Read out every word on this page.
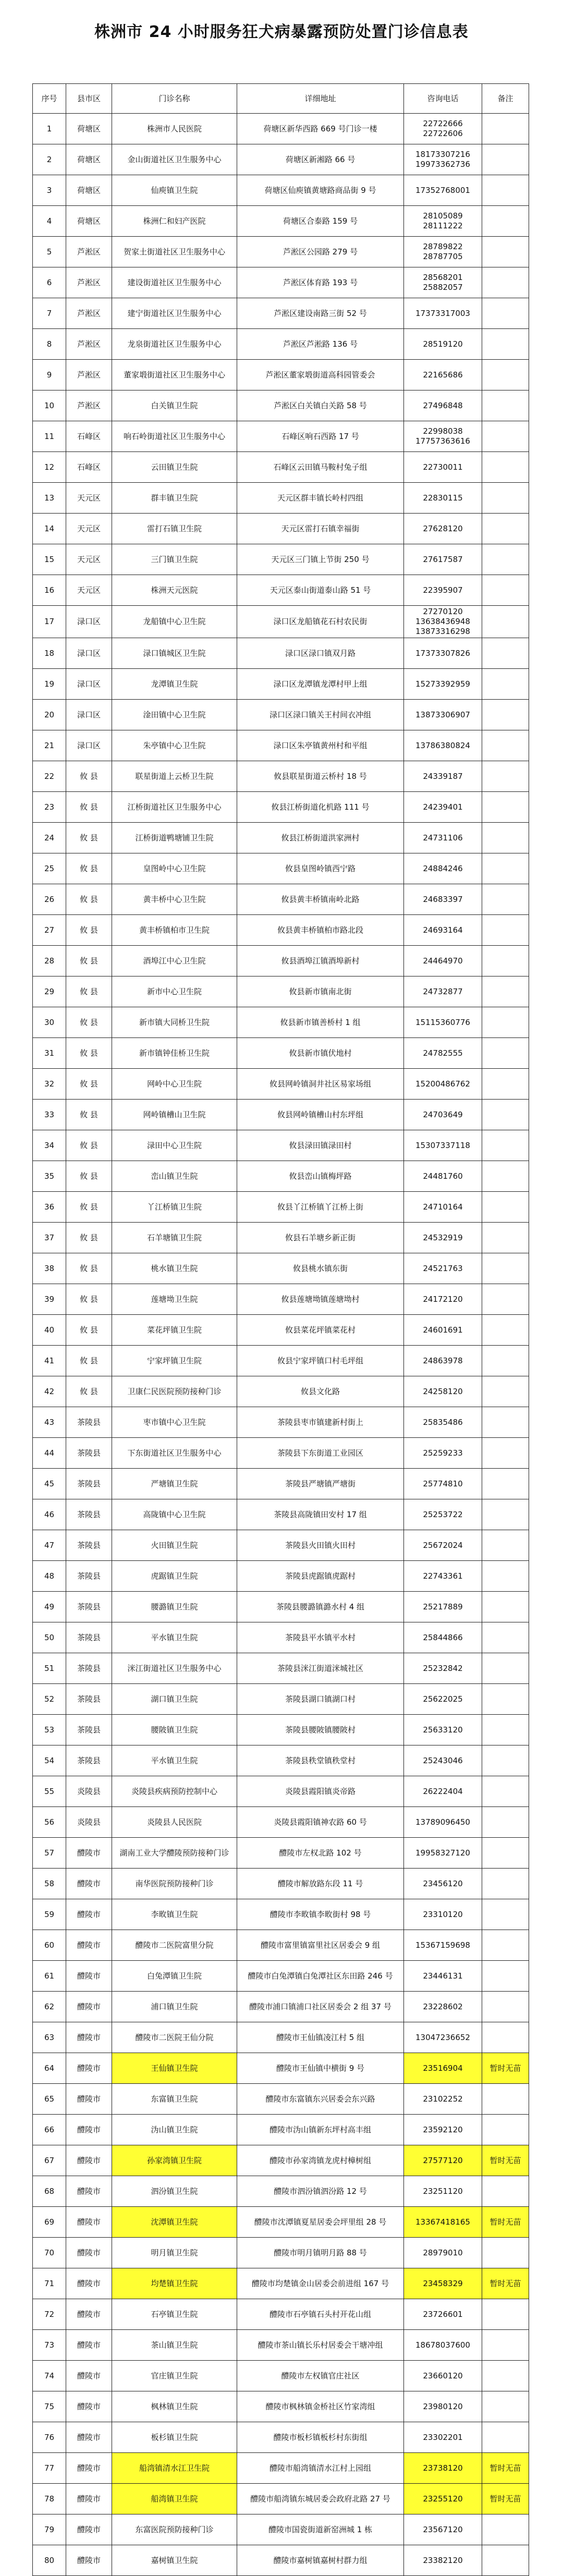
株洲市 24 小时服务狂犬病暴露预防处置门诊信息表
序号	县市区	门诊名称	详细地址	咨询电话	备注
1	荷塘区	株洲市人民医院	荷塘区新华西路 669 号门诊一楼	22722666
22722606	
2	荷塘区	金山街道社区卫生服务中心	荷塘区新湘路 66 号	18173307216
19973362736	
3	荷塘区	仙庾镇卫生院	荷塘区仙庾镇黄塘路商品街 9 号	17352768001	
4	荷塘区	株洲仁和妇产医院	荷塘区合泰路 159 号	28105089
28111222	
5	芦淞区	贺家土街道社区卫生服务中心	芦淞区公园路 279 号	28789822
28787705	
6	芦淞区	建设街道社区卫生服务中心	芦淞区体育路 193 号	28568201
25882057	
7	芦淞区	建宁街道社区卫生服务中心	芦淞区建设南路三街 52 号	17373317003	
8	芦淞区	龙泉街道社区卫生服务中心	芦淞区芦淞路 136 号	28519120	
9	芦淞区	董家塅街道社区卫生服务中心	芦淞区董家塅街道高科园管委会	22165686	
10	芦淞区	白关镇卫生院	芦淞区白关镇白关路 58 号	27496848	
11	石峰区	响石岭街道社区卫生服务中心	石峰区响石西路 17 号	22998038
17757363616	
12	石峰区	云田镇卫生院	石峰区云田镇马鞍村兔子组	22730011	
13	天元区	群丰镇卫生院	天元区群丰镇长岭村四组	22830115	
14	天元区	雷打石镇卫生院	天元区雷打石镇幸福街	27628120	
15	天元区	三门镇卫生院	天元区三门镇上节街 250 号	27617587	
16	天元区	株洲天元医院	天元区泰山街道泰山路 51 号	22395907	
17	渌口区	龙船镇中心卫生院	渌口区龙船镇花石村农民街	27270120
13638436948
13873316298	
18	渌口区	渌口镇城区卫生院	渌口区渌口镇双月路	17373307826	
19	渌口区	龙潭镇卫生院	渌口区龙潭镇龙潭村甲上组	15273392959	
20	渌口区	淦田镇中心卫生院	渌口区渌口镇关王村间衣冲组	13873306907	
21	渌口区	朱亭镇中心卫生院	渌口区朱亭镇黄州村和平组	13786380824	
22	攸 县	联星街道上云桥卫生院	攸县联星街道云桥村 18 号	24339187	
23	攸 县	江桥街道社区卫生服务中心	攸县江桥街道化机路 111 号	24239401	
24	攸 县	江桥街道鸭塘铺卫生院	攸县江桥街道洪家洲村	24731106	
25	攸 县	皇图岭中心卫生院	攸县皇图岭镇西宁路	24884246	
26	攸 县	黄丰桥中心卫生院	攸县黄丰桥镇南岭北路	24683397	
27	攸 县	黄丰桥镇柏市卫生院	攸县黄丰桥镇柏市路北段	24693164	
28	攸 县	酒埠江中心卫生院	攸县酒埠江镇酒埠新村	24464970	
29	攸 县	新市中心卫生院	攸县新市镇南北街	24732877	
30	攸 县	新市镇大同桥卫生院	攸县新市镇善桥村 1 组	15115360776	
31	攸 县	新市镇钟佳桥卫生院	攸县新市镇伏地村	24782555	
32	攸 县	网岭中心卫生院	攸县网岭镇洞井社区易家场组	15200486762	
33	攸 县	网岭镇槽山卫生院	攸县网岭镇槽山村东坪组	24703649	
34	攸 县	渌田中心卫生院	攸县渌田镇渌田村	15307337118	
35	攸 县	峦山镇卫生院	攸县峦山镇梅坪路	24481760	
36	攸 县	丫江桥镇卫生院	攸县丫江桥镇丫江桥上街	24710164	
37	攸 县	石羊塘镇卫生院	攸县石羊塘乡新正街	24532919	
38	攸 县	桃水镇卫生院	攸县桃水镇东街	24521763	
39	攸 县	莲塘坳卫生院	攸县莲塘坳镇莲塘坳村	24172120	
40	攸 县	菜花坪镇卫生院	攸县菜花坪镇菜花村	24601691	
41	攸 县	宁家坪镇卫生院	攸县宁家坪镇口村毛坪组	24863978	
42	攸 县	卫康仁民医院预防接种门诊	攸县文化路	24258120	
43	茶陵县	枣市镇中心卫生院	茶陵县枣市镇建新村街上	25835486	
44	茶陵县	下东街道社区卫生服务中心	茶陵县下东街道工业园区	25259233	
45	茶陵县	严塘镇卫生院	茶陵县严塘镇严塘街	25774810	
46	茶陵县	高陇镇中心卫生院	茶陵县高陇镇田安村 17 组	25253722	
47	茶陵县	火田镇卫生院	茶陵县火田镇火田村	25672024	
48	茶陵县	虎踞镇卫生院	茶陵县虎踞镇虎踞村	22743361	
49	茶陵县	腰潞镇卫生院	茶陵县腰潞镇潞水村 4 组	25217889	
50	茶陵县	平水镇卫生院	茶陵县平水镇平水村	25844866	
51	茶陵县	洣江街道社区卫生服务中心	茶陵县洣江街道洣城社区	25232842	
52	茶陵县	湖口镇卫生院	茶陵县湖口镇湖口村	25622025	
53	茶陵县	腰陂镇卫生院	茶陵县腰陂镇腰陂村	25633120	
54	茶陵县	平水镇卫生院	茶陵县秩堂镇秩堂村	25243046	
55	炎陵县	炎陵县疾病预防控制中心	炎陵县霞阳镇炎帝路	26222404	
56	炎陵县	炎陵县人民医院	炎陵县霞阳镇神农路 60 号	13789096450	
57	醴陵市	湖南工业大学醴陵预防接种门诊	醴陵市左权北路 102 号	19958327120	
58	醴陵市	南华医院预防接种门诊	醴陵市解放路东段 11 号	23456120	
59	醴陵市	李畋镇卫生院	醴陵市李畋镇李畋街村 98 号	23310120	
60	醴陵市	醴陵市二医院富里分院	醴陵市富里镇富里社区居委会 9 组	15367159698	
61	醴陵市	白兔潭镇卫生院	醴陵市白兔潭镇白兔潭社区东田路 246 号	23446131	
62	醴陵市	浦口镇卫生院	醴陵市浦口镇浦口社区居委会 2 组 37 号	23228602	
63	醴陵市	醴陵市二医院王仙分院	醴陵市王仙镇凌江村 5 组	13047236652	
64	醴陵市	王仙镇卫生院	醴陵市王仙镇中横街 9 号	23516904	暂时无苗
65	醴陵市	东富镇卫生院	醴陵市东富镇东兴居委会东兴路	23102252	
66	醴陵市	沩山镇卫生院	醴陵市沩山镇新东坪村高丰组	23592120	
67	醴陵市	孙家湾镇卫生院	醴陵市孙家湾镇龙虎村樟树组	27577120	暂时无苗
68	醴陵市	泗汾镇卫生院	醴陵市泗汾镇泗汾路 12 号	23251120	
69	醴陵市	沈潭镇卫生院	醴陵市沈潭镇夏星居委会坪里组 28 号	13367418165	暂时无苗
70	醴陵市	明月镇卫生院	醴陵市明月镇明月路 88 号	28979010	
71	醴陵市	均楚镇卫生院	醴陵市均楚镇金山居委会前进组 167 号	23458329	暂时无苗
72	醴陵市	石亭镇卫生院	醴陵市石亭镇石头村开花山组	23726601	
73	醴陵市	茶山镇卫生院	醴陵市茶山镇长乐村居委会干塘冲组	18678037600	
74	醴陵市	官庄镇卫生院	醴陵市左权镇官庄社区	23660120	
75	醴陵市	枫林镇卫生院	醴陵市枫林镇金桥社区竹家湾组	23980120	
76	醴陵市	板杉镇卫生院	醴陵市板杉镇板杉村东街组	23302201	
77	醴陵市	船湾镇清水江卫生院	醴陵市船湾镇清水江村上园组	23738120	暂时无苗
78	醴陵市	船湾镇卫生院	醴陵市船湾镇东城居委会政府北路 27 号	23255120	暂时无苗
79	醴陵市	东富医院预防接种门诊	醴陵市国瓷街道新窑洲城 1 栋	23567120	
80	醴陵市	嘉树镇卫生院	醴陵市嘉树镇嘉树村群力组	23382120	
